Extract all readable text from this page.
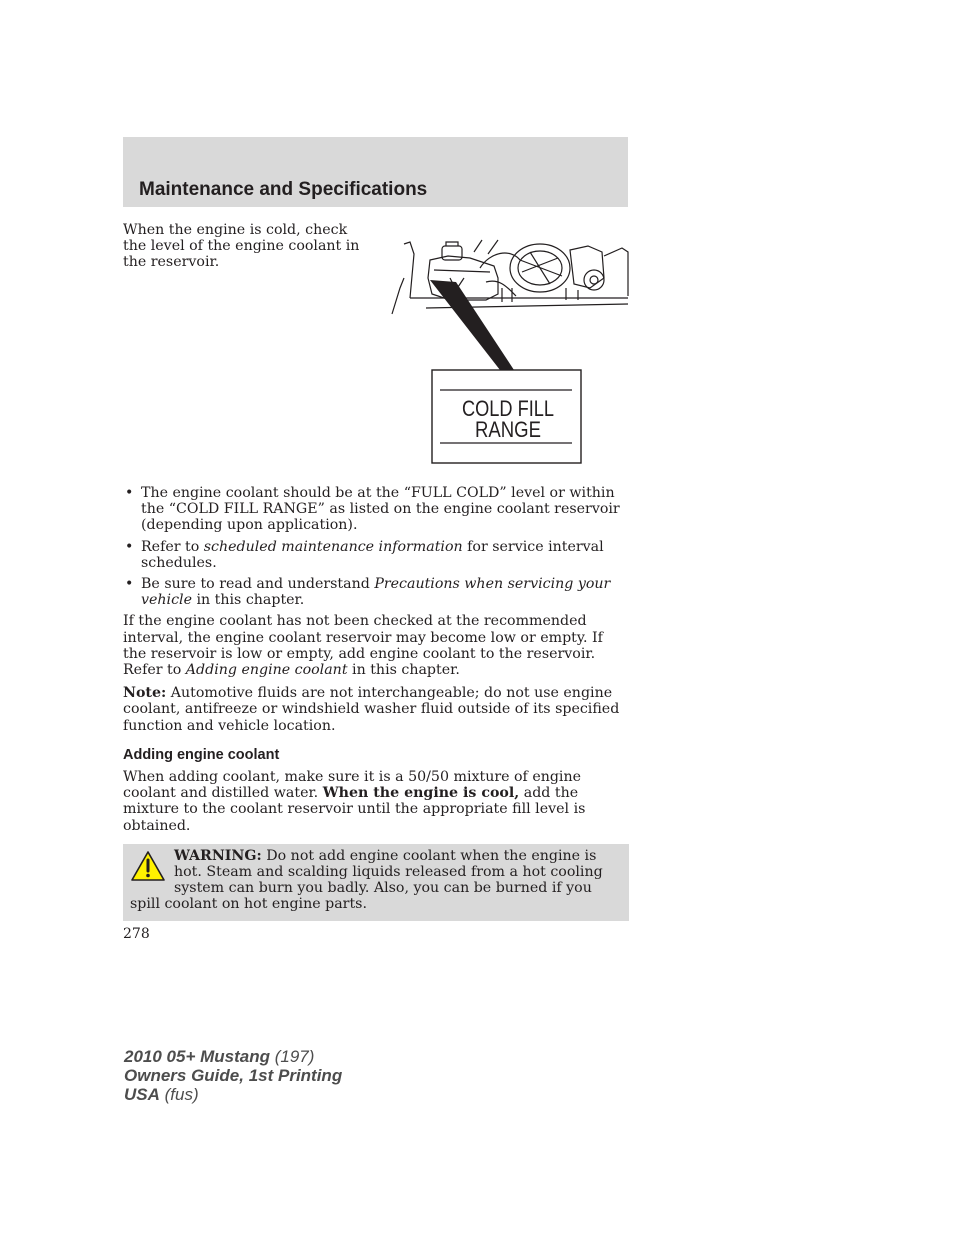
Maintenance and Specifications

When the engine is cold, check the level of the engine coolant in the reservoir.

COLD FILL
RANGE
• The engine coolant should be at the “FULL COLD” level or within the “COLD FILL RANGE” as listed on the engine coolant reservoir (depending upon application).
• Refer to scheduled maintenance information for service interval schedules.
• Be sure to read and understand Precautions when servicing your vehicle in this chapter.

If the engine coolant has not been checked at the recommended interval, the engine coolant reservoir may become low or empty. If the reservoir is low or empty, add engine coolant to the reservoir. Refer to Adding engine coolant in this chapter.

Note: Automotive fluids are not interchangeable; do not use engine coolant, antifreeze or windshield washer fluid outside of its specified function and vehicle location.

Adding engine coolant

When adding coolant, make sure it is a 50/50 mixture of engine coolant and distilled water. When the engine is cool, add the mixture to the coolant reservoir until the appropriate fill level is obtained.

WARNING: Do not add engine coolant when the engine is hot. Steam and scalding liquids released from a hot cooling system can burn you badly. Also, you can be burned if you spill coolant on hot engine parts.
278
2010 05+ Mustang (197)
Owners Guide, 1st Printing
USA (fus)
